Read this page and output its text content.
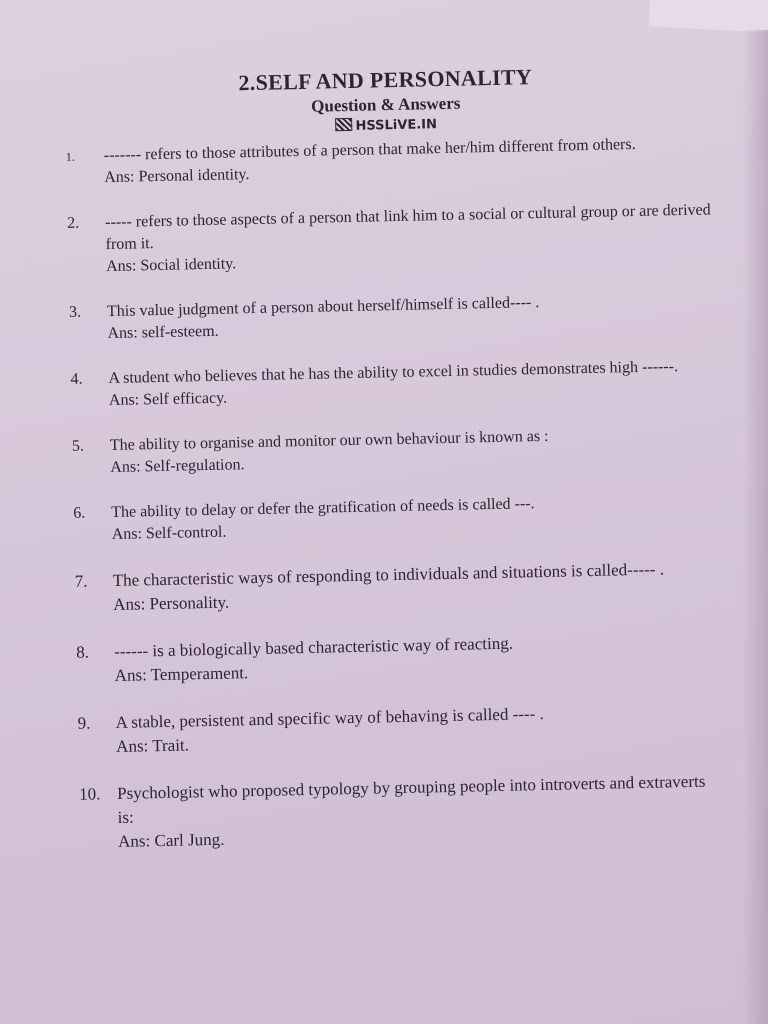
2.SELF AND PERSONALITY
Question & Answers
HSSLiVE.IN
1.	------- refers to those attributes of a person that make her/him different from others.
Ans: Personal identity.
2.	----- refers to those aspects of a person that link him to a social or cultural group or are derived from it.
Ans: Social identity.
3.	This value judgment of a person about herself/himself is called---- .
Ans: self-esteem.
4.	A student who believes that he has the ability to excel in studies demonstrates high ------.
Ans: Self efficacy.
5.	The ability to organise and monitor our own behaviour is known as :
Ans: Self-regulation.
6.	The ability to delay or defer the gratification of needs is called ---.
Ans: Self-control.
7.	The characteristic ways of responding to individuals and situations is called----- .
Ans: Personality.
8.	------ is a biologically based characteristic way of reacting.
Ans: Temperament.
9.	A stable, persistent and specific way of behaving is called ---- .
Ans: Trait.
10. Psychologist who proposed typology by grouping people into introverts and extraverts is:
Ans: Carl Jung.
